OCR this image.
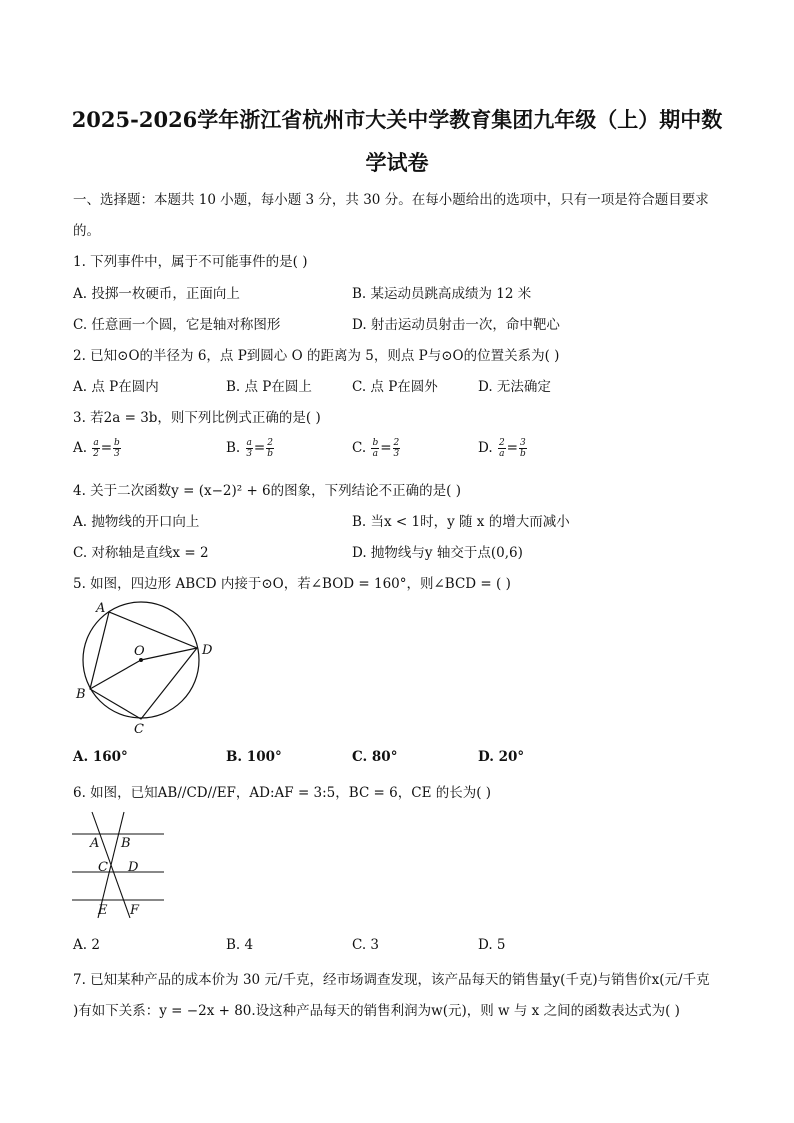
2025-2026学年浙江省杭州市大关中学教育集团九年级（上）期中数
学试卷
一、选择题：本题共 10 小题，每小题 3 分，共 30 分。在每小题给出的选项中，只有一项是符合题目要求
的。
1. 下列事件中，属于不可能事件的是( )
A. 投掷一枚硬币，正面向上	B. 某运动员跳高成绩为 12 米
C. 任意画一个圆，它是轴对称图形	D. 射击运动员射击一次，命中靶心
2. 已知⊙O的半径为 6，点 P到圆心 O 的距离为 5，则点 P与⊙O的位置关系为( )
A. 点 P在圆内	B. 点 P在圆上	C. 点 P在圆外	D. 无法确定
3. 若2a = 3b，则下列比例式正确的是( )
A. $\frac{a}{2} = \frac{b}{3}$	B. $\frac{a}{3} = \frac{2}{b}$	C. $\frac{b}{a} = \frac{2}{3}$	D. $\frac{2}{a} = \frac{3}{b}$
4. 关于二次函数y = (x−2)² + 6的图象，下列结论不正确的是( )
A. 抛物线的开口向上	B. 当x < 1时，y 随 x 的增大而减小
C. 对称轴是直线x = 2	D. 抛物线与y 轴交于点(0,6)
5. 如图，四边形 ABCD 内接于⊙O，若∠BOD = 160°，则∠BCD = ( )
A
B
C
D
O
A. 160°	B. 100°	C. 80°	D. 20°
6. 如图，已知AB//CD//EF，AD:AF = 3:5，BC = 6，CE 的长为( )
A B
C D
E F
A. 2	B. 4	C. 3	D. 5
7. 已知某种产品的成本价为 30 元/千克，经市场调查发现，该产品每天的销售量y(千克)与销售价x(元/千克
)有如下关系：y = −2x + 80.设这种产品每天的销售利润为w(元)，则 w 与 x 之间的函数表达式为( )
